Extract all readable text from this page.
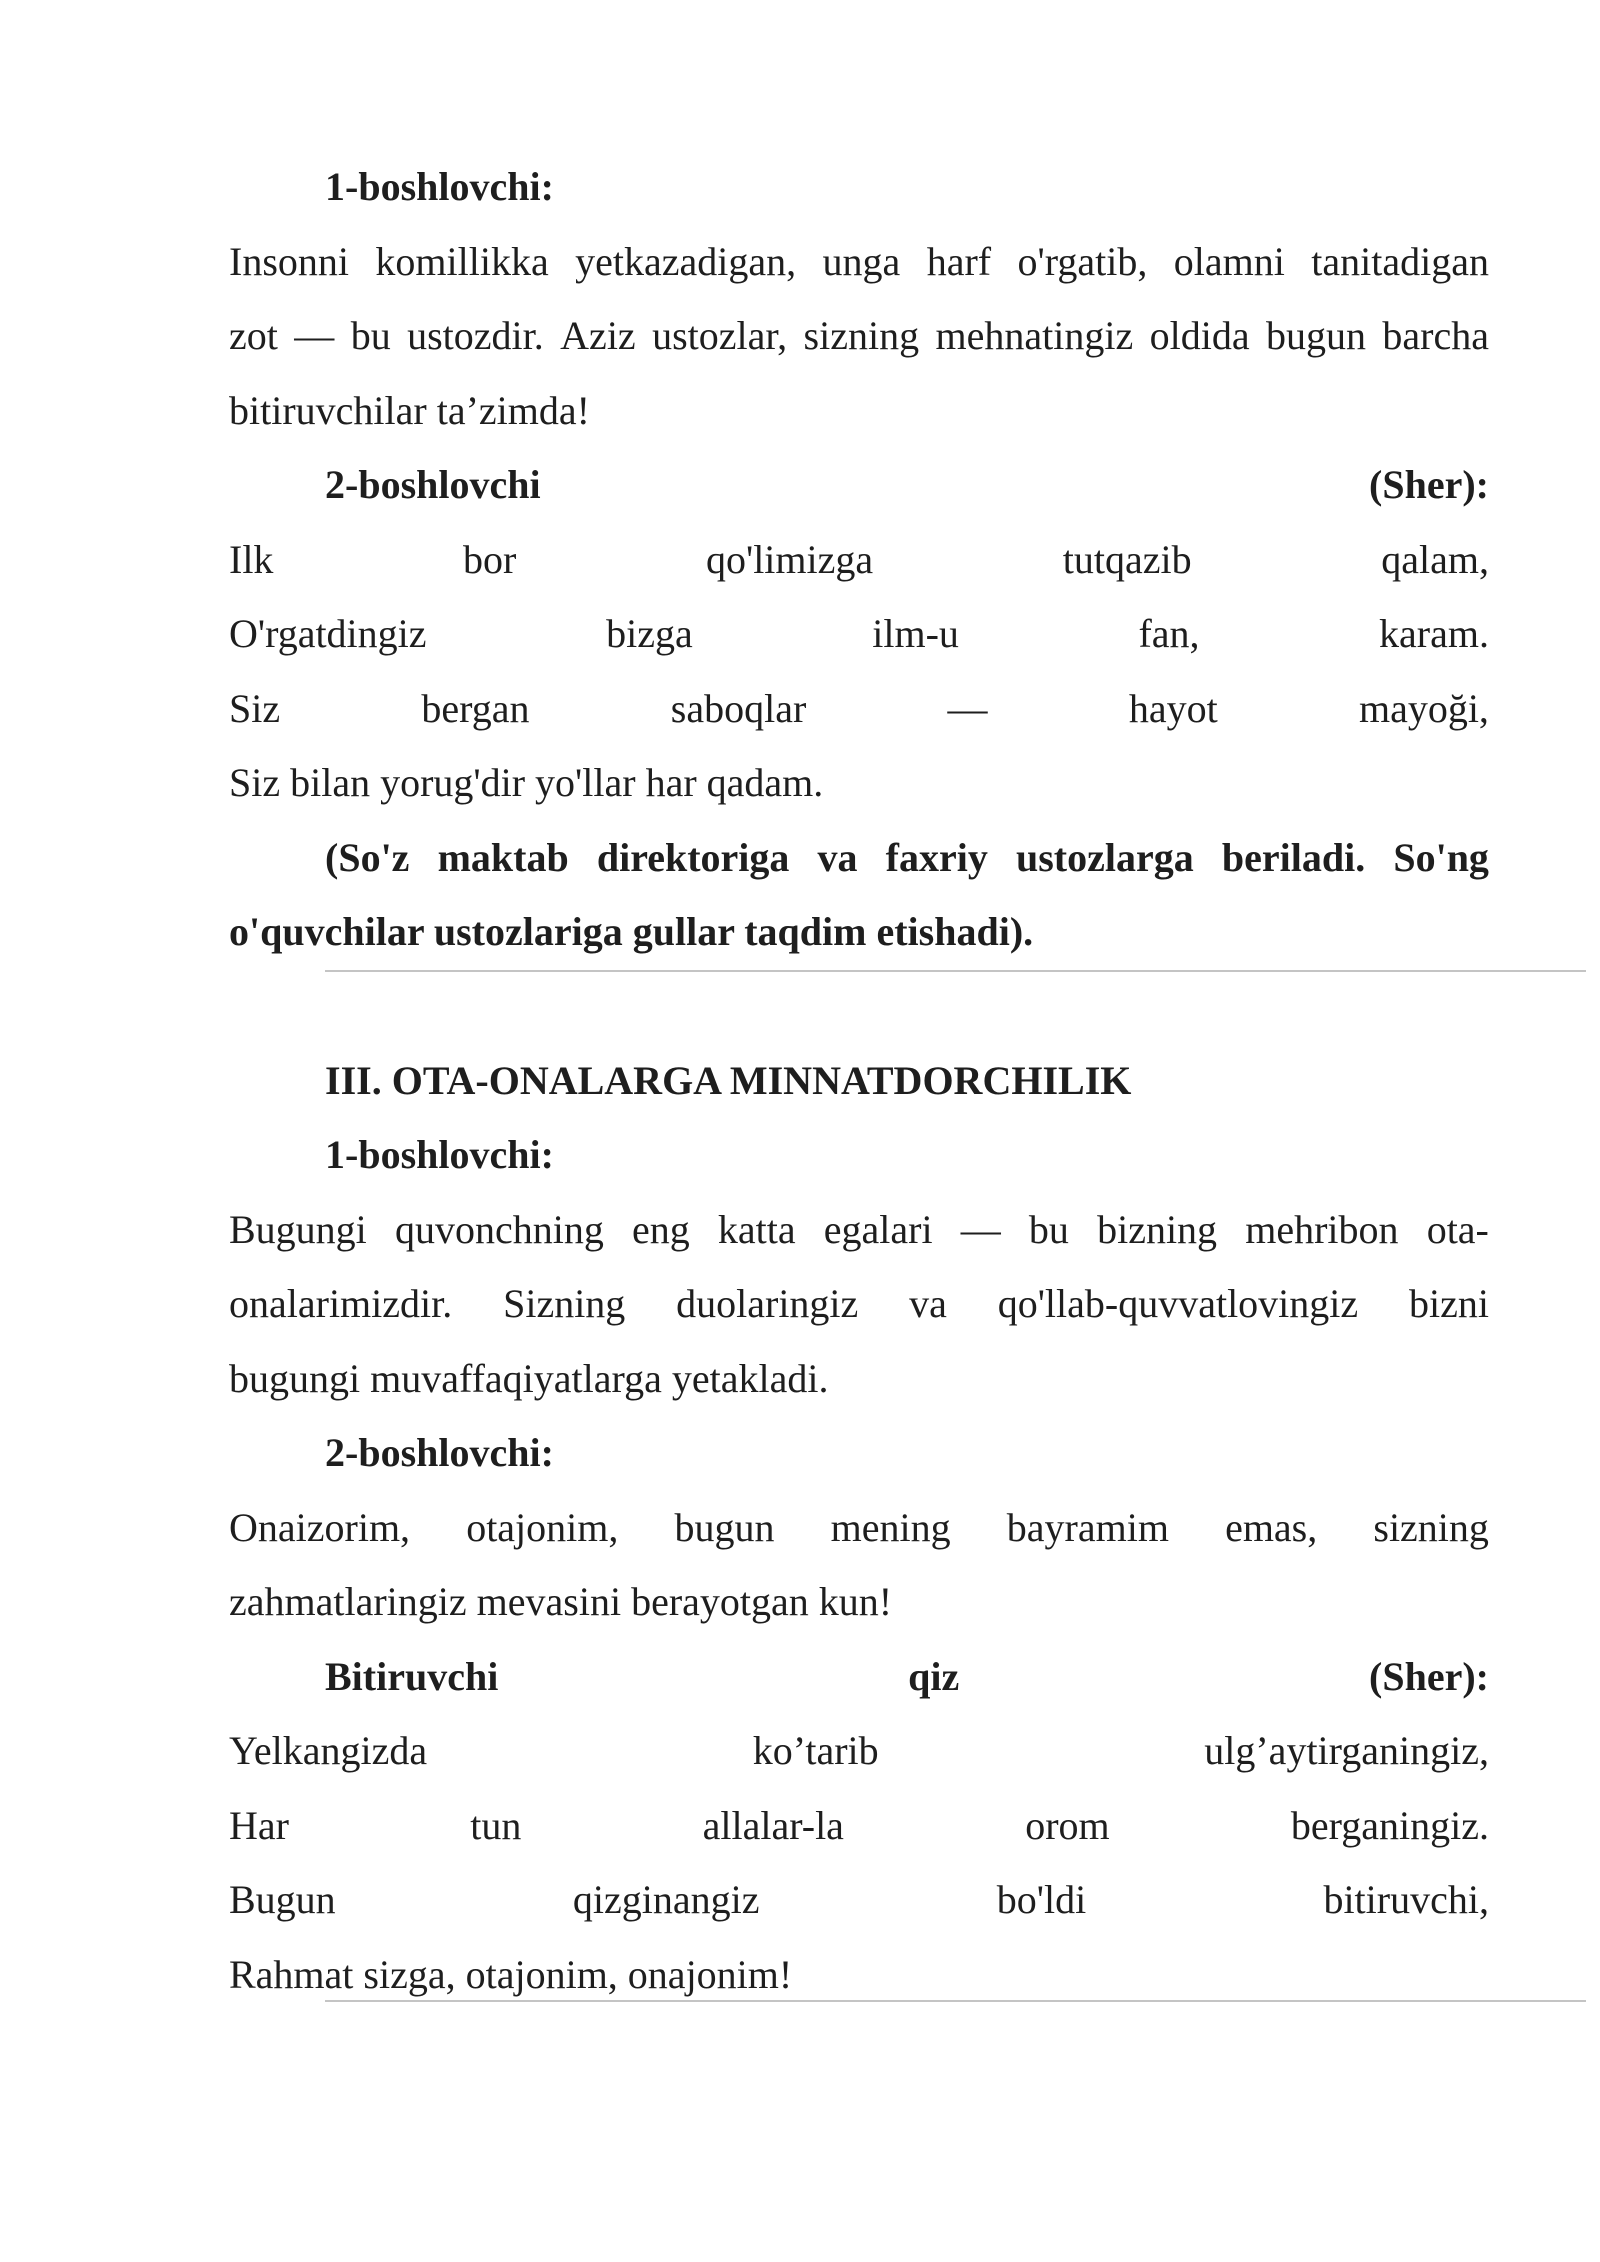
1-boshlovchi:
Insonni komillikka yetkazadigan, unga harf o'rgatib, olamni tanitadigan
zot — bu ustozdir. Aziz ustozlar, sizning mehnatingiz oldida bugun barcha
bitiruvchilar ta’zimda!
2-boshlovchi	(Sher):
Ilk	bor	qo'limizga	tutqazib	qalam,
O'rgatdingiz	bizga	ilm-u	fan,	karam.
Siz	bergan	saboqlar	—	hayot	mayoği,
Siz bilan yorug'dir yo'llar har qadam.
(So'z maktab direktoriga va faxriy ustozlarga beriladi. So'ng
o'quvchilar ustozlariga gullar taqdim etishadi).
III. OTA-ONALARGA MINNATDORCHILIK
1-boshlovchi:
Bugungi quvonchning eng katta egalari — bu bizning mehribon ota-
onalarimizdir. Sizning duolaringiz va qo'llab-quvvatlovingiz bizni
bugungi muvaffaqiyatlarga yetakladi.
2-boshlovchi:
Onaizorim, otajonim, bugun mening bayramim emas, sizning
zahmatlaringiz mevasini berayotgan kun!
Bitiruvchi	qiz	(Sher):
Yelkangizda	ko’tarib	ulg’aytirganingiz,
Har	tun	allalar-la	orom	berganingiz.
Bugun	qizginangiz	bo'ldi	bitiruvchi,
Rahmat sizga, otajonim, onajonim!
